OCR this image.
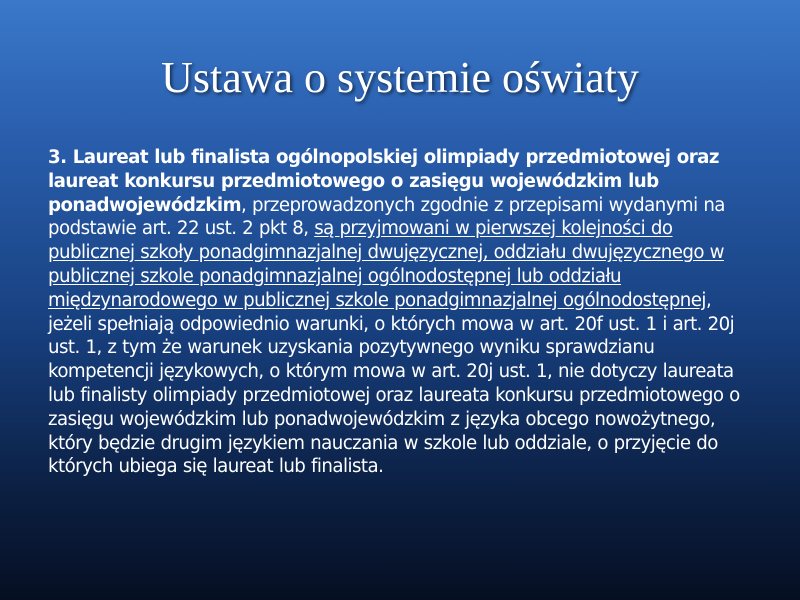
Ustawa o systemie oświaty

3. Laureat lub finalista ogólnopolskiej olimpiady przedmiotowej oraz laureat konkursu przedmiotowego o zasięgu wojewódzkim lub ponadwojewódzkim, przeprowadzonych zgodnie z przepisami wydanymi na podstawie art. 22 ust. 2 pkt 8, są przyjmowani w pierwszej kolejności do publicznej szkoły ponadgimnazjalnej dwujęzycznej, oddziału dwujęzycznego w publicznej szkole ponadgimnazjalnej ogólnodostępnej lub oddziału międzynarodowego w publicznej szkole ponadgimnazjalnej ogólnodostępnej, jeżeli spełniają odpowiednio warunki, o których mowa w art. 20f ust. 1 i art. 20j ust. 1, z tym że warunek uzyskania pozytywnego wyniku sprawdzianu kompetencji językowych, o którym mowa w art. 20j ust. 1, nie dotyczy laureata lub finalisty olimpiady przedmiotowej oraz laureata konkursu przedmiotowego o zasięgu wojewódzkim lub ponadwojewódzkim z języka obcego nowożytnego, który będzie drugim językiem nauczania w szkole lub oddziale, o przyjęcie do których ubiega się laureat lub finalista.
